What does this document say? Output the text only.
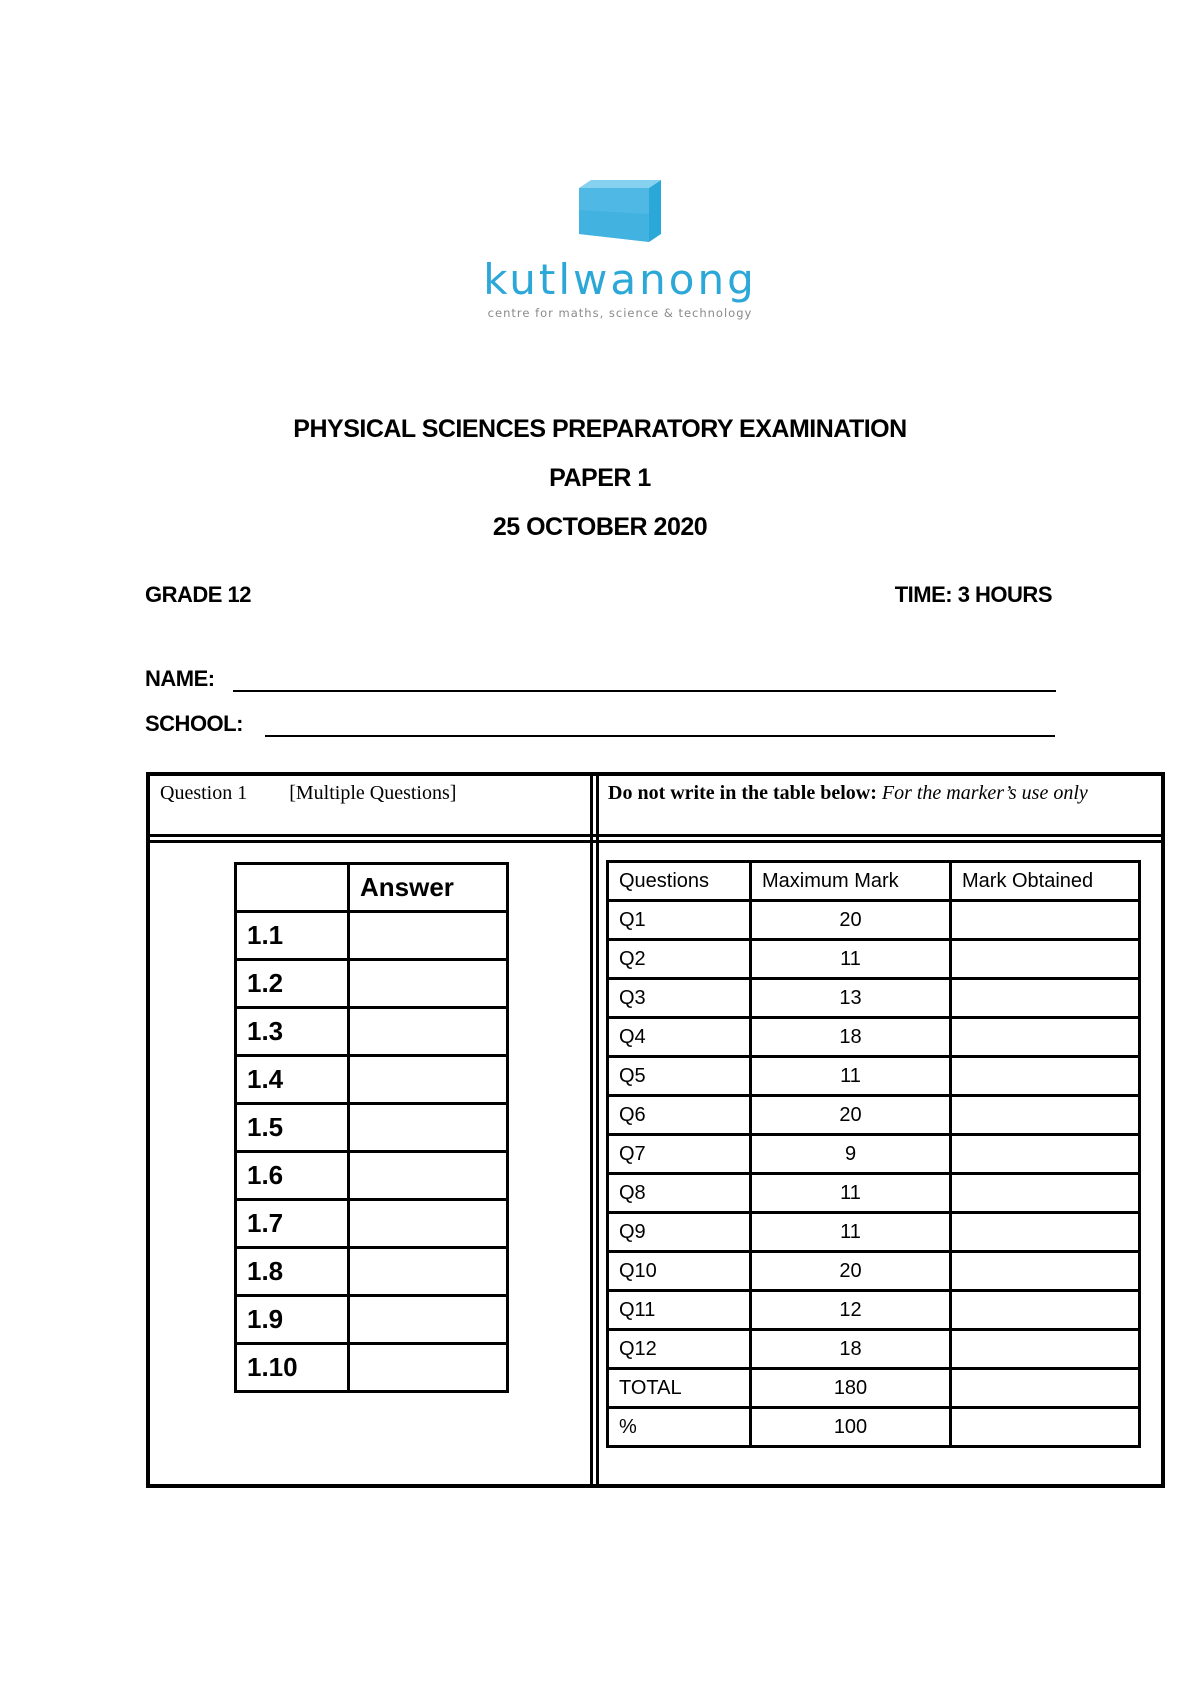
kutlwanong
centre for maths, science & technology
PHYSICAL SCIENCES PREPARATORY EXAMINATION
PAPER 1
25 OCTOBER 2020
GRADE 12	TIME: 3 HOURS
NAME:
SCHOOL:
Question 1 [Multiple Questions]	Do not write in the table below: For the marker’s use only
	Answer
1.1	
1.2	
1.3	
1.4	
1.5	
1.6	
1.7	
1.8	
1.9	
1.10	
Questions	Maximum Mark	Mark Obtained
Q1	20	
Q2	11	
Q3	13	
Q4	18	
Q5	11	
Q6	20	
Q7	9	
Q8	11	
Q9	11	
Q10	20	
Q11	12	
Q12	18	
TOTAL	180	
%	100	
